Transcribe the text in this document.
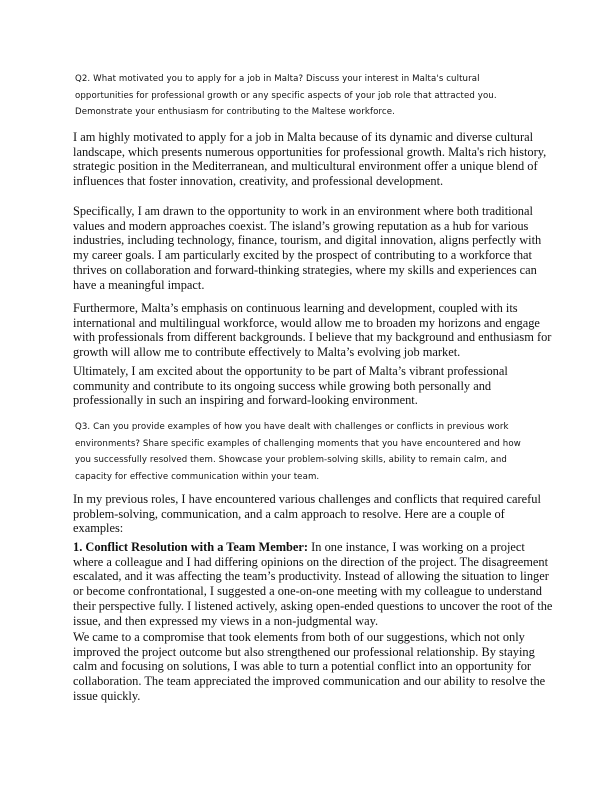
Q2. What motivated you to apply for a job in Malta? Discuss your interest in Malta's cultural
opportunities for professional growth or any specific aspects of your job role that attracted you.
Demonstrate your enthusiasm for contributing to the Maltese workforce.
I am highly motivated to apply for a job in Malta because of its dynamic and diverse cultural
landscape, which presents numerous opportunities for professional growth. Malta's rich history,
strategic position in the Mediterranean, and multicultural environment offer a unique blend of
influences that foster innovation, creativity, and professional development.
Specifically, I am drawn to the opportunity to work in an environment where both traditional
values and modern approaches coexist. The island’s growing reputation as a hub for various
industries, including technology, finance, tourism, and digital innovation, aligns perfectly with
my career goals. I am particularly excited by the prospect of contributing to a workforce that
thrives on collaboration and forward-thinking strategies, where my skills and experiences can
have a meaningful impact.
Furthermore, Malta’s emphasis on continuous learning and development, coupled with its
international and multilingual workforce, would allow me to broaden my horizons and engage
with professionals from different backgrounds. I believe that my background and enthusiasm for
growth will allow me to contribute effectively to Malta’s evolving job market.
Ultimately, I am excited about the opportunity to be part of Malta’s vibrant professional
community and contribute to its ongoing success while growing both personally and
professionally in such an inspiring and forward-looking environment.
Q3. Can you provide examples of how you have dealt with challenges or conflicts in previous work
environments? Share specific examples of challenging moments that you have encountered and how
you successfully resolved them. Showcase your problem-solving skills, ability to remain calm, and
capacity for effective communication within your team.
In my previous roles, I have encountered various challenges and conflicts that required careful
problem-solving, communication, and a calm approach to resolve. Here are a couple of
examples:
1. Conflict Resolution with a Team Member: In one instance, I was working on a project
where a colleague and I had differing opinions on the direction of the project. The disagreement
escalated, and it was affecting the team’s productivity. Instead of allowing the situation to linger
or become confrontational, I suggested a one-on-one meeting with my colleague to understand
their perspective fully. I listened actively, asking open-ended questions to uncover the root of the
issue, and then expressed my views in a non-judgmental way.
We came to a compromise that took elements from both of our suggestions, which not only
improved the project outcome but also strengthened our professional relationship. By staying
calm and focusing on solutions, I was able to turn a potential conflict into an opportunity for
collaboration. The team appreciated the improved communication and our ability to resolve the
issue quickly.
